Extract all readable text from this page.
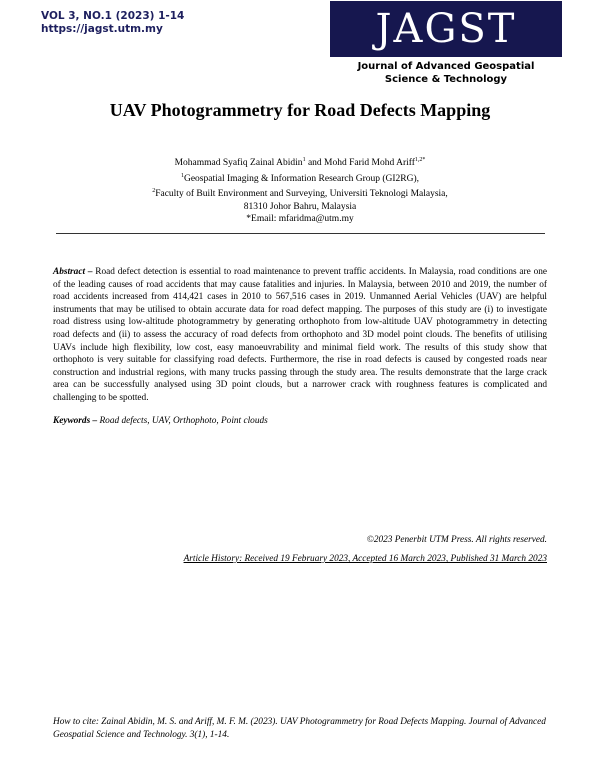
VOL 3, NO.1 (2023) 1-14
https://jagst.utm.my	JAGST
Journal of Advanced Geospatial
Science & Technology
UAV Photogrammetry for Road Defects Mapping
Mohammad Syafiq Zainal Abidin$^1$ and Mohd Farid Mohd Ariff$^{1,2*}$
$^1$Geospatial Imaging & Information Research Group (GI2RG),
$^2$Faculty of Built Environment and Surveying, Universiti Teknologi Malaysia,
81310 Johor Bahru, Malaysia
*Email: mfaridma@utm.my
Abstract – Road defect detection is essential to road maintenance to prevent traffic accidents. In Malaysia, road conditions are one of the leading causes of road accidents that may cause fatalities and injuries. In Malaysia, between 2010 and 2019, the number of road accidents increased from 414,421 cases in 2010 to 567,516 cases in 2019. Unmanned Aerial Vehicles (UAV) are helpful instruments that may be utilised to obtain accurate data for road defect mapping. The purposes of this study are (i) to investigate road distress using low-altitude photogrammetry by generating orthophoto from low-altitude UAV photogrammetry in detecting road defects and (ii) to assess the accuracy of road defects from orthophoto and 3D model point clouds. The benefits of utilising UAVs include high flexibility, low cost, easy manoeuvrability and minimal field work. The results of this study show that orthophoto is very suitable for classifying road defects. Furthermore, the rise in road defects is caused by congested roads near construction and industrial regions, with many trucks passing through the study area. The results demonstrate that the large crack area can be successfully analysed using 3D point clouds, but a narrower crack with roughness features is complicated and challenging to be spotted.
Keywords – Road defects, UAV, Orthophoto, Point clouds
©2023 Penerbit UTM Press. All rights reserved.
Article History: Received 19 February 2023, Accepted 16 March 2023, Published 31 March 2023
How to cite: Zainal Abidin, M. S. and Ariff, M. F. M. (2023). UAV Photogrammetry for Road Defects Mapping. Journal of Advanced Geospatial Science and Technology. 3(1), 1-14.
